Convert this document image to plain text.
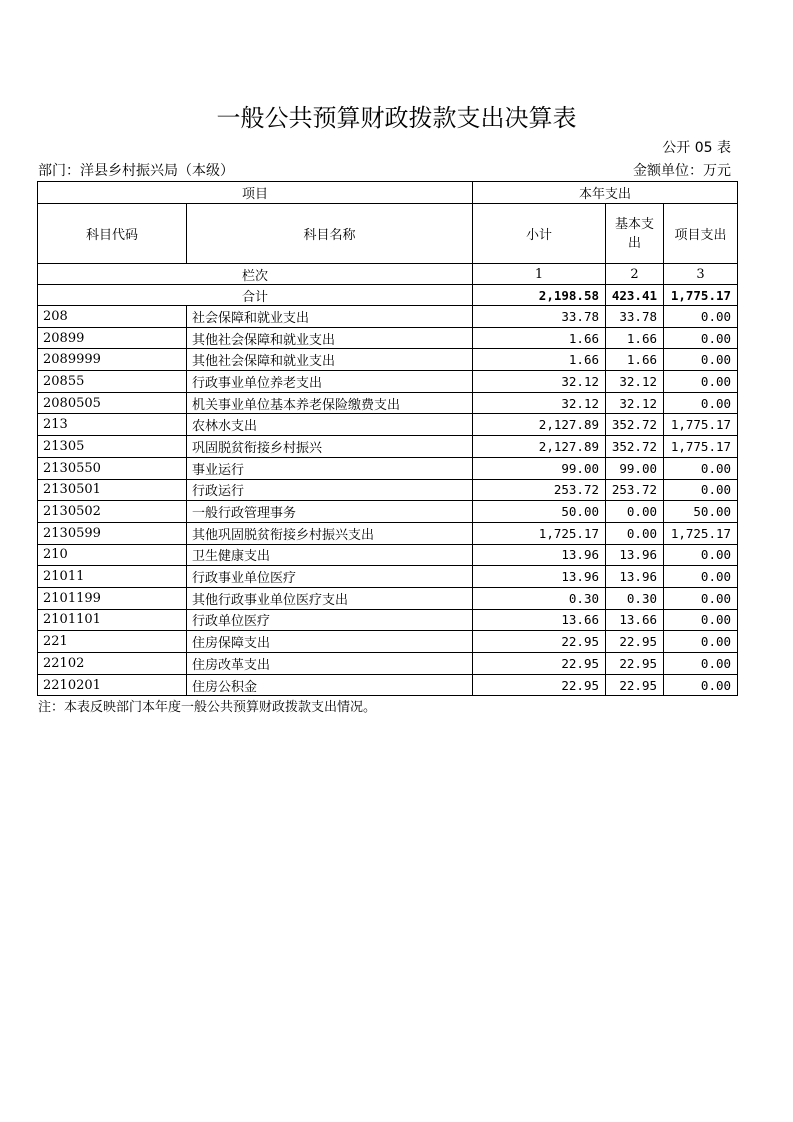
一般公共预算财政拨款支出决算表
公开 05 表
部门：洋县乡村振兴局（本级）	金额单位：万元
项目		本年支出		
科目代码	科目名称	小计	基本支出	项目支出
栏次		1	2	3
合计		2,198.58	423.41	1,775.17
208	社会保障和就业支出	33.78	33.78	0.00
20899	其他社会保障和就业支出	1.66	1.66	0.00
2089999	其他社会保障和就业支出	1.66	1.66	0.00
20855	行政事业单位养老支出	32.12	32.12	0.00
2080505	机关事业单位基本养老保险缴费支出	32.12	32.12	0.00
213	农林水支出	2,127.89	352.72	1,775.17
21305	巩固脱贫衔接乡村振兴	2,127.89	352.72	1,775.17
2130550	事业运行	99.00	99.00	0.00
2130501	行政运行	253.72	253.72	0.00
2130502	一般行政管理事务	50.00	0.00	50.00
2130599	其他巩固脱贫衔接乡村振兴支出	1,725.17	0.00	1,725.17
210	卫生健康支出	13.96	13.96	0.00
21011	行政事业单位医疗	13.96	13.96	0.00
2101199	其他行政事业单位医疗支出	0.30	0.30	0.00
2101101	行政单位医疗	13.66	13.66	0.00
221	住房保障支出	22.95	22.95	0.00
22102	住房改革支出	22.95	22.95	0.00
2210201	住房公积金	22.95	22.95	0.00
注：本表反映部门本年度一般公共预算财政拨款支出情况。
